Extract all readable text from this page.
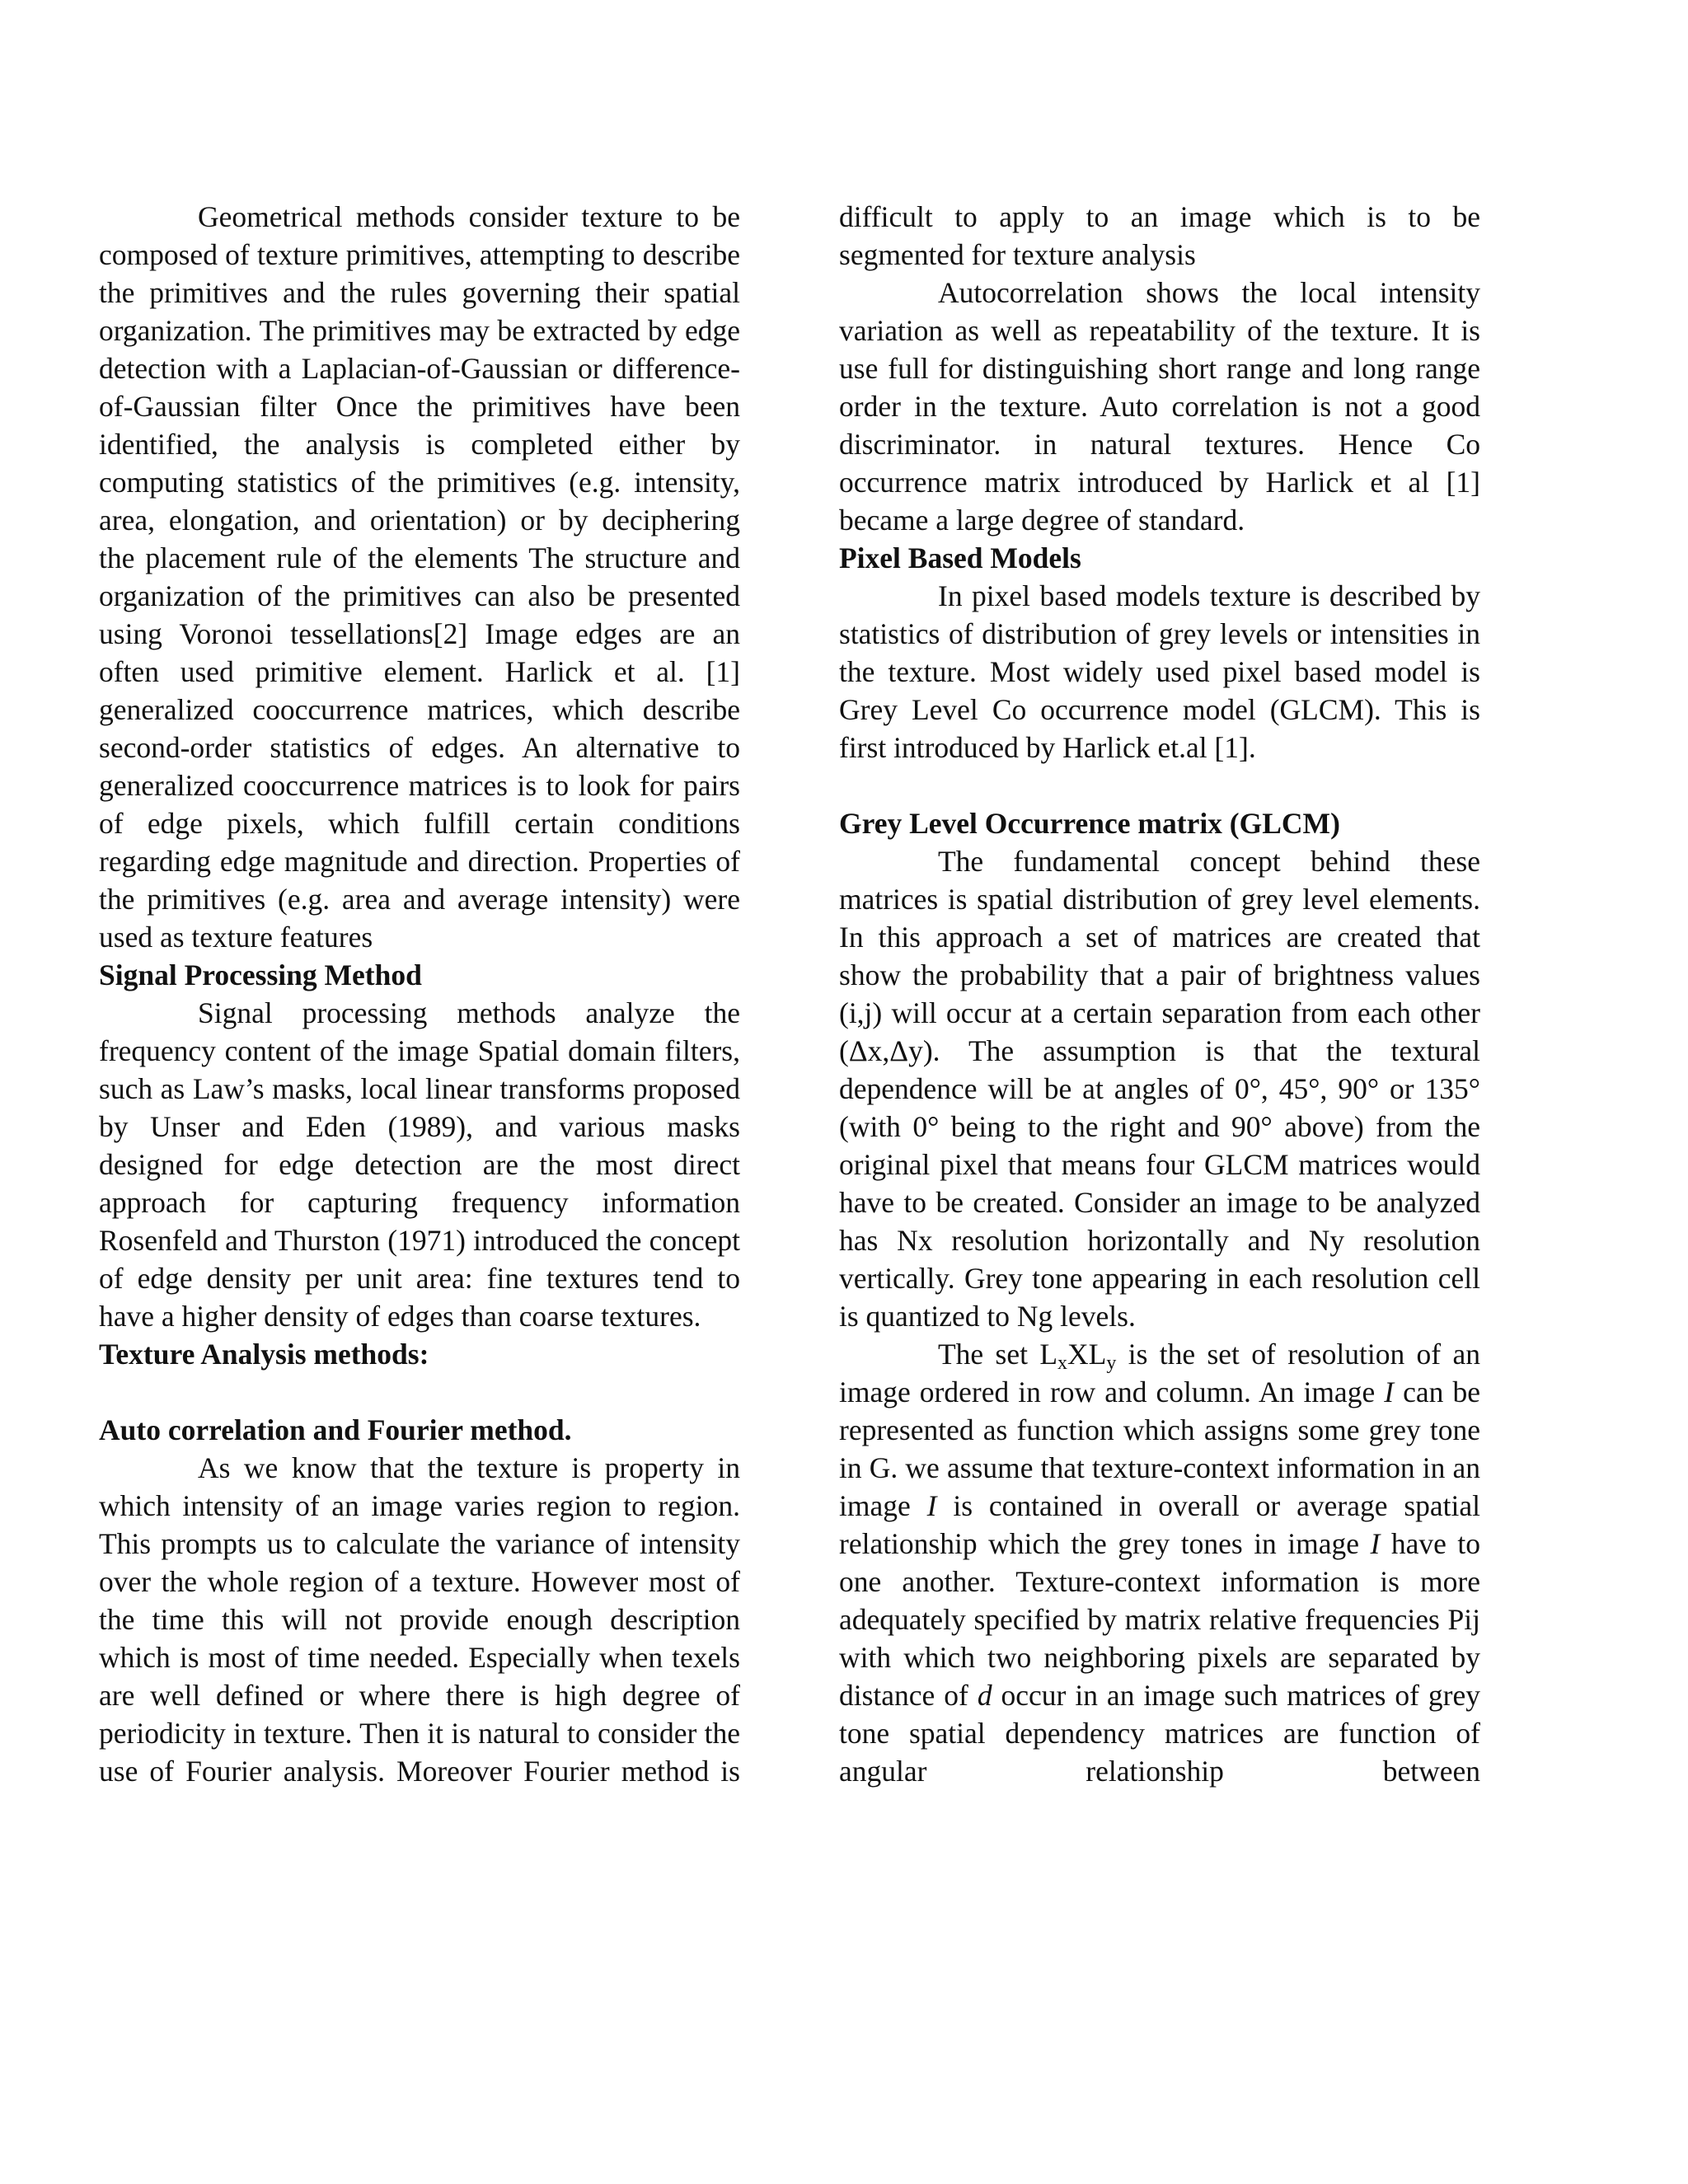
Geometrical methods consider texture to be composed of texture primitives, attempting to describe the primitives and the rules governing their spatial organization. The primitives may be extracted by edge detection with a Laplacian-of-Gaussian or difference-of-Gaussian filter Once the primitives have been identified, the analysis is completed either by computing statistics of the primitives (e.g. intensity, area, elongation, and orientation) or by deciphering the placement rule of the elements The structure and organization of the primitives can also be presented using Voronoi tessellations[2] Image edges are an often used primitive element. Harlick et al. [1] generalized cooccurrence matrices, which describe second-order statistics of edges. An alternative to generalized cooccurrence matrices is to look for pairs of edge pixels, which fulfill certain conditions regarding edge magnitude and direction. Properties of the primitives (e.g. area and average intensity) were used as texture features

Signal Processing Method

Signal processing methods analyze the frequency content of the image Spatial domain filters, such as Law’s masks, local linear transforms proposed by Unser and Eden (1989), and various masks designed for edge detection are the most direct approach for capturing frequency information Rosenfeld and Thurston (1971) introduced the concept of edge density per unit area: fine textures tend to have a higher density of edges than coarse textures.

Texture Analysis methods:
Auto correlation and Fourier method.

As we know that the texture is property in which intensity of an image varies region to region. This prompts us to calculate the variance of intensity over the whole region of a texture. However most of the time this will not provide enough description which is most of time needed. Especially when texels are well defined or where there is high degree of periodicity in texture. Then it is natural to consider the use of Fourier analysis. Moreover Fourier method is

difficult to apply to an image which is to be segmented for texture analysis

Autocorrelation shows the local intensity variation as well as repeatability of the texture. It is use full for distinguishing short range and long range order in the texture. Auto correlation is not a good discriminator. in natural textures. Hence Co occurrence matrix introduced by Harlick et al [1] became a large degree of standard.

Pixel Based Models

In pixel based models texture is described by statistics of distribution of grey levels or intensities in the texture. Most widely used pixel based model is Grey Level Co occurrence model (GLCM). This is first introduced by Harlick et.al [1].

Grey Level Occurrence matrix (GLCM)

The fundamental concept behind these matrices is spatial distribution of grey level elements. In this approach a set of matrices are created that show the probability that a pair of brightness values (i,j) will occur at a certain separation from each other (Δx,Δy). The assumption is that the textural dependence will be at angles of 0°, 45°, 90° or 135° (with 0° being to the right and 90° above) from the original pixel that means four GLCM matrices would have to be created. Consider an image to be analyzed has Nx resolution horizontally and Ny resolution vertically. Grey tone appearing in each resolution cell is quantized to Ng levels.

The set $L_xXL_y$ is the set of resolution of an image ordered in row and column. An image I can be represented as function which assigns some grey tone in G. we assume that texture-context information in an image I is contained in overall or average spatial relationship which the grey tones in image I have to one another. Texture-context information is more adequately specified by matrix relative frequencies Pij with which two neighboring pixels are separated by distance of d occur in an image such matrices of grey tone spatial dependency matrices are function of angular relationship between
